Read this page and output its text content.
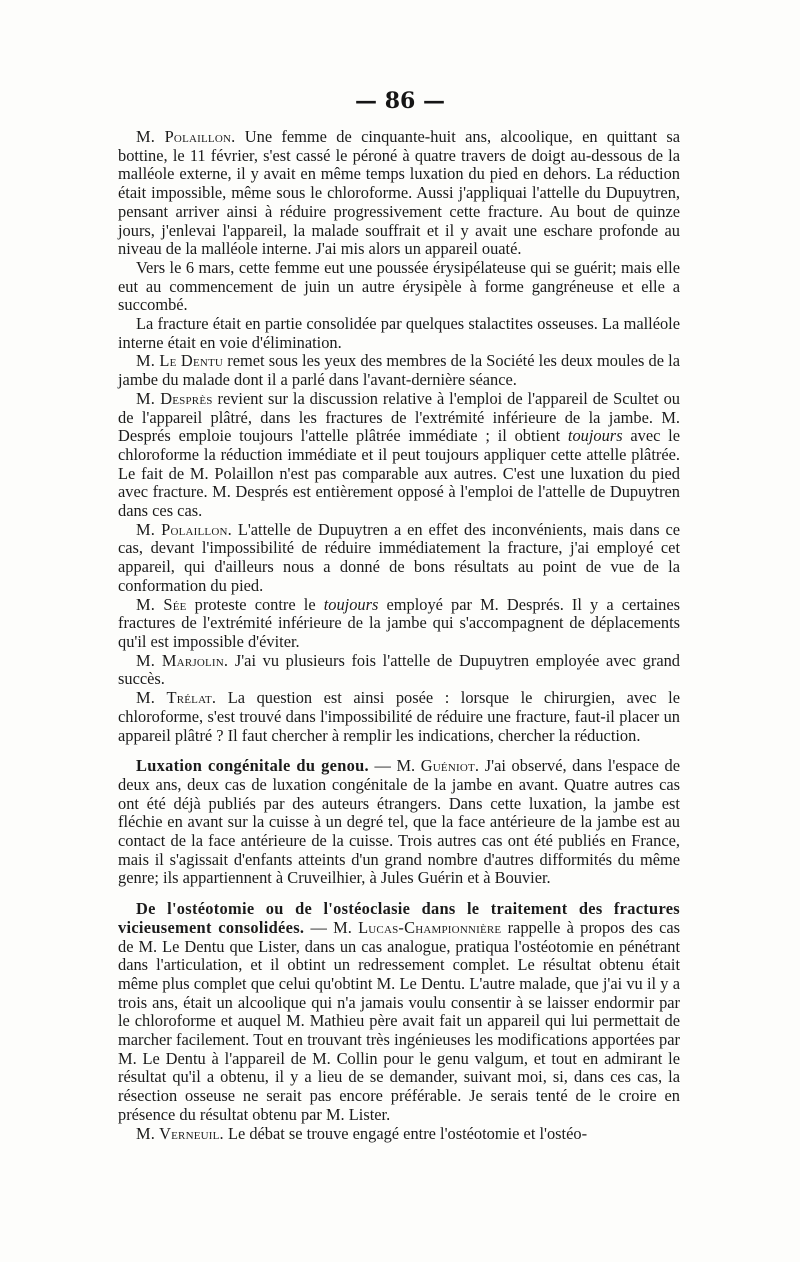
— 86 —

M. Polaillon. Une femme de cinquante-huit ans, alcoolique, en quittant sa bottine, le 11 février, s'est cassé le péroné à quatre travers de doigt au-dessous de la malléole externe, il y avait en même temps luxation du pied en dehors. La réduction était impossible, même sous le chloroforme. Aussi j'appliquai l'attelle du Dupuytren, pensant arriver ainsi à réduire progressivement cette fracture. Au bout de quinze jours, j'enlevai l'appareil, la malade souffrait et il y avait une eschare profonde au niveau de la malléole interne. J'ai mis alors un appareil ouaté.

Vers le 6 mars, cette femme eut une poussée érysipélateuse qui se guérit; mais elle eut au commencement de juin un autre érysipèle à forme gangréneuse et elle a succombé.

La fracture était en partie consolidée par quelques stalactites osseuses. La malléole interne était en voie d'élimination.

M. Le Dentu remet sous les yeux des membres de la Société les deux moules de la jambe du malade dont il a parlé dans l'avant-dernière séance.

M. Desprès revient sur la discussion relative à l'emploi de l'appareil de Scultet ou de l'appareil plâtré, dans les fractures de l'extrémité inférieure de la jambe. M. Després emploie toujours l'attelle plâtrée immédiate ; il obtient toujours avec le chloroforme la réduction immédiate et il peut toujours appliquer cette attelle plâtrée. Le fait de M. Polaillon n'est pas comparable aux autres. C'est une luxation du pied avec fracture. M. Després est entièrement opposé à l'emploi de l'attelle de Dupuytren dans ces cas.

M. Polaillon. L'attelle de Dupuytren a en effet des inconvénients, mais dans ce cas, devant l'impossibilité de réduire immédiatement la fracture, j'ai employé cet appareil, qui d'ailleurs nous a donné de bons résultats au point de vue de la conformation du pied.

M. Sée proteste contre le toujours employé par M. Després. Il y a certaines fractures de l'extrémité inférieure de la jambe qui s'accompagnent de déplacements qu'il est impossible d'éviter.

M. Marjolin. J'ai vu plusieurs fois l'attelle de Dupuytren employée avec grand succès.

M. Trélat. La question est ainsi posée : lorsque le chirurgien, avec le chloroforme, s'est trouvé dans l'impossibilité de réduire une fracture, faut-il placer un appareil plâtré ? Il faut chercher à remplir les indications, chercher la réduction.

Luxation congénitale du genou. — M. Guéniot. J'ai observé, dans l'espace de deux ans, deux cas de luxation congénitale de la jambe en avant. Quatre autres cas ont été déjà publiés par des auteurs étrangers. Dans cette luxation, la jambe est fléchie en avant sur la cuisse à un degré tel, que la face antérieure de la jambe est au contact de la face antérieure de la cuisse. Trois autres cas ont été publiés en France, mais il s'agissait d'enfants atteints d'un grand nombre d'autres difformités du même genre; ils appartiennent à Cruveilhier, à Jules Guérin et à Bouvier.

De l'ostéotomie ou de l'ostéoclasie dans le traitement des fractures vicieusement consolidées. — M. Lucas-Championnière rappelle à propos des cas de M. Le Dentu que Lister, dans un cas analogue, pratiqua l'ostéotomie en pénétrant dans l'articulation, et il obtint un redressement complet. Le résultat obtenu était même plus complet que celui qu'obtint M. Le Dentu. L'autre malade, que j'ai vu il y a trois ans, était un alcoolique qui n'a jamais voulu consentir à se laisser endormir par le chloroforme et auquel M. Mathieu père avait fait un appareil qui lui permettait de marcher facilement. Tout en trouvant très ingénieuses les modifications apportées par M. Le Dentu à l'appareil de M. Collin pour le genu valgum, et tout en admirant le résultat qu'il a obtenu, il y a lieu de se demander, suivant moi, si, dans ces cas, la résection osseuse ne serait pas encore préférable. Je serais tenté de le croire en présence du résultat obtenu par M. Lister.

M. Verneuil. Le débat se trouve engagé entre l'ostéotomie et l'ostéo-
